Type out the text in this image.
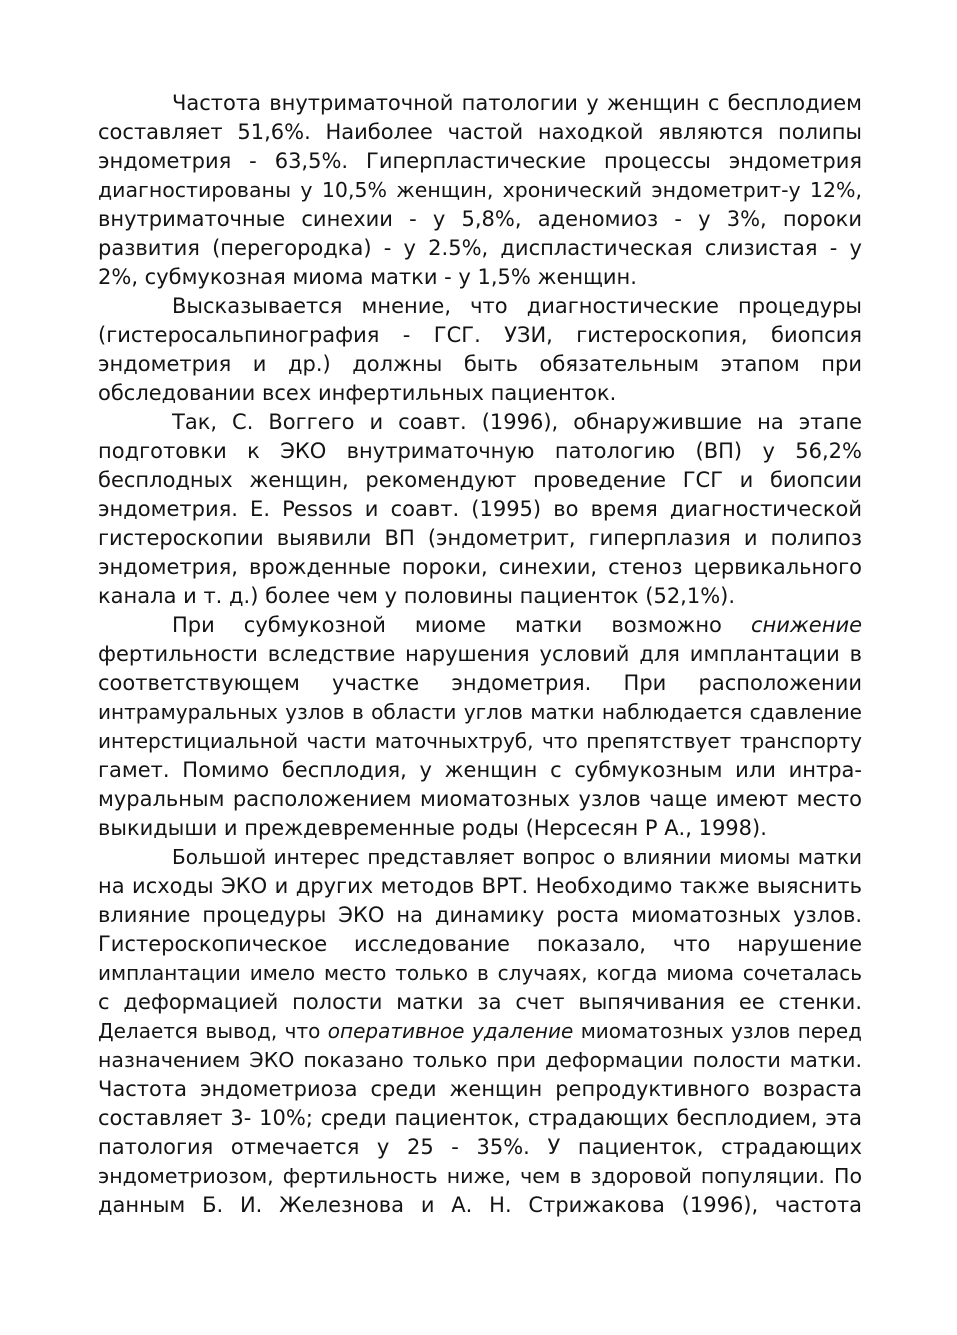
Частота внутриматочной патологии у женщин с бесплодием
составляет 51,6%. Наиболее частой находкой являются полипы
эндометрия - 63,5%. Гиперпластические процессы эндометрия
диагностированы у 10,5% женщин, хронический эндометрит-у 12%,
внутриматочные синехии - у 5,8%, аденомиоз - у 3%, пороки
развития (перегородка) - у 2.5%, диспластическая слизистая - у
2%, субмукозная миома матки - у 1,5% женщин.
Высказывается мнение, что диагностические процедуры
(гистеросальпинография - ГСГ. УЗИ, гистероскопия, биопсия
эндометрия и др.) должны быть обязательным этапом при
обследовании всех инфертильных пациенток.
Так, С. Воггего и соавт. (1996), обнаружившие на этапе
подготовки к ЭКО внутриматочную патологию (ВП) у 56,2%
бесплодных женщин, рекомендуют проведение ГСГ и биопсии
эндометрия. Е. Pessos и соавт. (1995) во время диагностической
гистероскопии выявили ВП (эндометрит, гиперплазия и полипоз
эндометрия, врожденные пороки, синехии, стеноз цервикального
канала и т. д.) более чем у половины пациенток (52,1%).
При субмукозной миоме матки возможно снижение
фертильности вследствие нарушения условий для имплантации в
соответствующем участке эндометрия. При расположении
интрамуральных узлов в области углов матки наблюдается сдавление
интерстициальной части маточныхтруб, что препятствует транспорту
гамет. Помимо бесплодия, у женщин с субмукозным или интра-
муральным расположением миоматозных узлов чаще имеют место
выкидыши и преждевременные роды (Нерсесян Р А., 1998).
Большой интерес представляет вопрос о влиянии миомы матки
на исходы ЭКО и других методов ВРТ. Необходимо также выяснить
влияние процедуры ЭКО на динамику роста миоматозных узлов.
Гистероскопическое исследование показало, что нарушение
имплантации имело место только в случаях, когда миома сочеталась
с деформацией полости матки за счет выпячивания ее стенки.
Делается вывод, что оперативное удаление миоматозных узлов перед
назначением ЭКО показано только при деформации полости матки.
Частота эндометриоза среди женщин репродуктивного возраста
составляет 3- 10%; среди пациенток, страдающих бесплодием, эта
патология отмечается у 25 - 35%. У пациенток, страдающих
эндометриозом, фертильность ниже, чем в здоровой популяции. По
данным Б. И. Железнова и А. Н. Стрижакова (1996), частота
